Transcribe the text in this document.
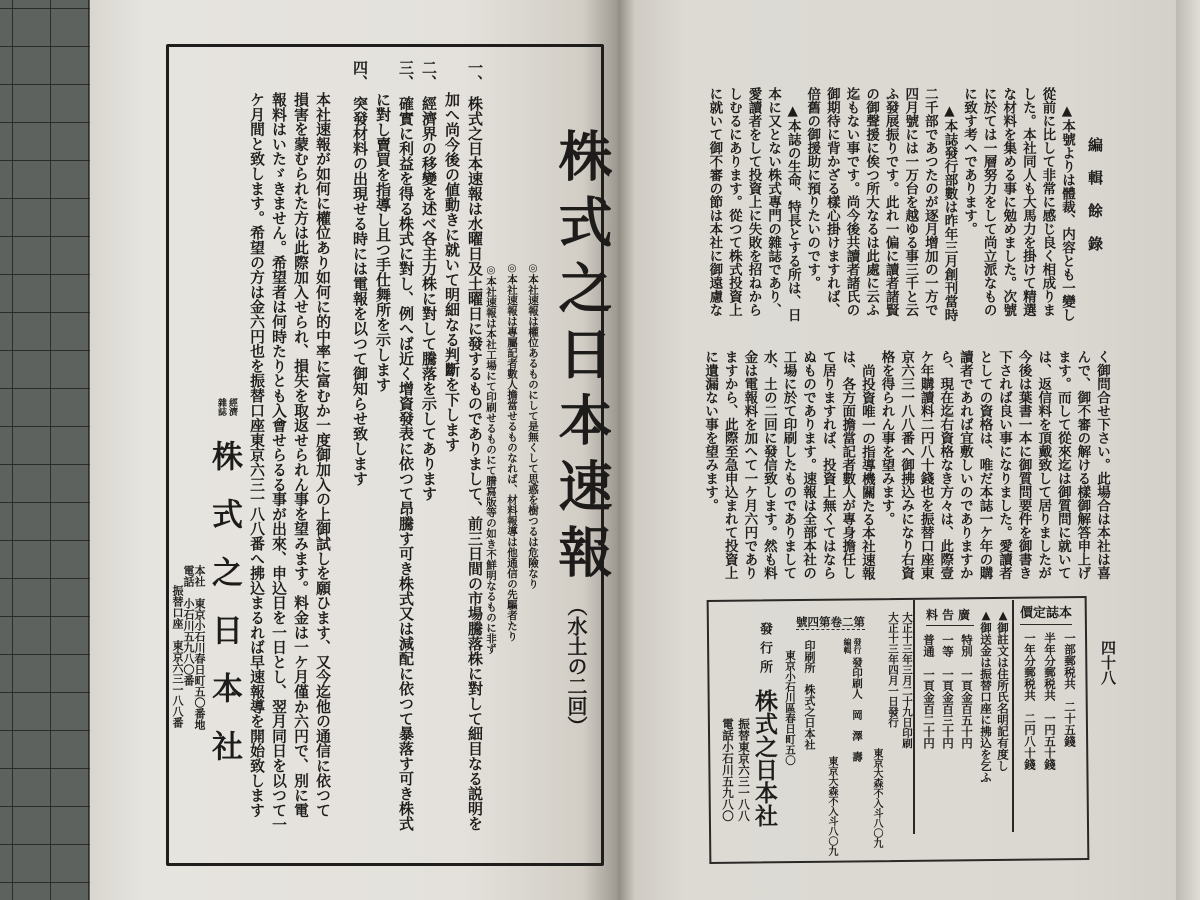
株式之日本速報
（水土の二回）
◎本社速報は權位あるものにして是無くして思惑を樹つるは危險なり
◎本社速報は專屬記者數人擔當せるものなれば、材料報導は他通信の先驅者たり
◎本社速報は本社工場にて印刷せるものにて謄寫版等の如き不鮮明なるものに非ず
一、株式之日本速報は水曜日及土曜日に發するものでありまして、前三日間の市場騰落株に對して細目なる説明を
加へ尚今後の値動きに就いて明細なる判斷を下します
二、經濟界の移變を述べ各主力株に對して騰落を示してあります
三、確實に利益を得る株式に對し、例へば近く增資發表に依つて昂騰す可き株式又は減配に依つて暴落す可き株式
に對し賣買を指導し且つ手仕舞所を示します
四、突發材料の出現せる時には電報を以つて御知らせ致します
本社速報が如何に權位あり如何に的中率に富むか一度御加入の上御試しを願ひます、又今迄他の通信に依つて
損害を蒙むられた方は此際加入せられ、損失を取返せられん事を望みます。料金は一ケ月僅か六円で、別に電
報料はいたゞきません。希望者は何時たりとも入會せらるる事が出來、申込日を一日とし、翌月同日を以つて一
ケ月間と致します。希望の方は金六円也を振替口座東京六三一八八番へ拂込まるれば早速報導を開始致します
經濟
雜誌
株式之日本社
本社　東京小石川春日町五〇番地
電話　小石川五九八〇番
振替口座　東京六三一八八番
編輯餘錄
▲本號よりは體裁、内容とも一變し
從前に比して非常に感じ良く相成りま
した。本社同人も大馬力を掛けて精選
な材料を集める事に勉めました。次號
に於ては一層努力をして尚立派なもの
に致す考へであります。
▲本誌發行部數は昨年三月創刊當時
二千部であつたのが逐月增加の一方で
四月號には一万台を越ゆる事三千と云
ふ發展振りです。此れ一偏に讀者諸賢
の御聲援に俟つ所大なるは此處に云ふ
迄もない事です。尚今後共讀者諸氏の
御期待に背かざる樣心掛けますれば、
倍舊の御援助に預りたいのです。
▲本誌の生命、特長とする所は、日
本に又とない株式專門の雜誌であり、
愛讀者をして投資上に失敗を招ねから
しむるにあります。從つて株式投資上
に就いて御不審の節は本社に御遠慮な
く御問合せ下さい。此場合は本社は喜
んで、御不審の解ける樣御解答申上げ
ます。而して從來迄は御質問に就いて
は、返信料を頂戴致して居りましたが
今後は葉書一本に御質問要件を御書き
下されば良い事になりました。愛讀者
としての資格は、唯だ本誌一ケ年の購
讀者であれば宜敷しいのでありますか
ら、現在迄右資格なき方々は、此際壹
ケ年購讀料二円八十錢也を振替口座東
京六三一八八番へ御拂込みになり右資
格を得られん事を望みます。
尚投資唯一の指導機關たる本社速報
は、各方面擔當記者數人が專身擔任し
て居りますれば、投資上無くてはなら
ぬものであります。速報は全部本社の
工場に於て印刷したものでありまして
水、土の二回に發信致します。然も料
金は電報料を加へて一ケ月六円であり
ますから、此際至急申込まれて投資上
に遺漏ない事を望みます。
本誌定價
一部郵税共　二十五錢
半年分郵税共　一円五十錢
一年分郵税共　二円八十錢
▲御註文は住所氏名明記有度し
▲御送金は振替口座に拂込を乞ふ
廣告料
特別　一頁金百五十円
一等　一頁金百三十円
普通　一頁金百二十円
大正十三年三月二十九日印刷
大正十三年四月一日發行
東京大森不入斗八〇九
第二卷第四號
發行
編輯
發印刷人　岡　澤　壽
東京大森不入斗八〇九
印刷所　株式之日本社
東京小石川區春日町五〇
發行所株式之日本社
振替東京六三一八八
電話小石川五九八〇
四十八
